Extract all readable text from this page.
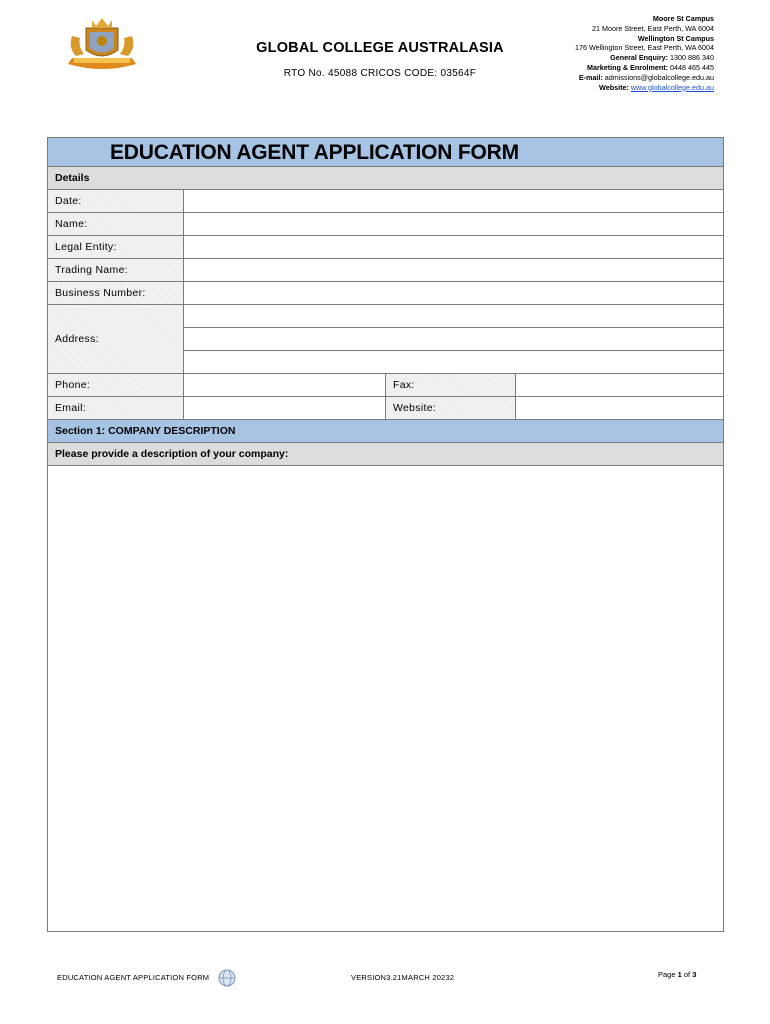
GLOBAL COLLEGE AUSTRALASIA
RTO No. 45088 CRICOS CODE: 03564F
Moore St Campus
21 Moore Street, East Perth, WA 6004
Wellington St Campus
176 Wellington Street, East Perth, WA 6004
General Enquiry: 1300 886 340
Marketing & Enrolment: 0448 465 445
E-mail: admissions@globalcollege.edu.au
Website: www.globalcollege.edu.au
EDUCATION AGENT APPLICATION FORM
Details
Date:
Name:
Legal Entity:
Trading Name:
Business Number:
Address:
Phone:	Fax:
Email:	Website:
Section 1: COMPANY DESCRIPTION
Please provide a description of your company:
EDUCATION AGENT APPLICATION FORM	VERSION3.21MARCH 20232	Page 1 of 3
